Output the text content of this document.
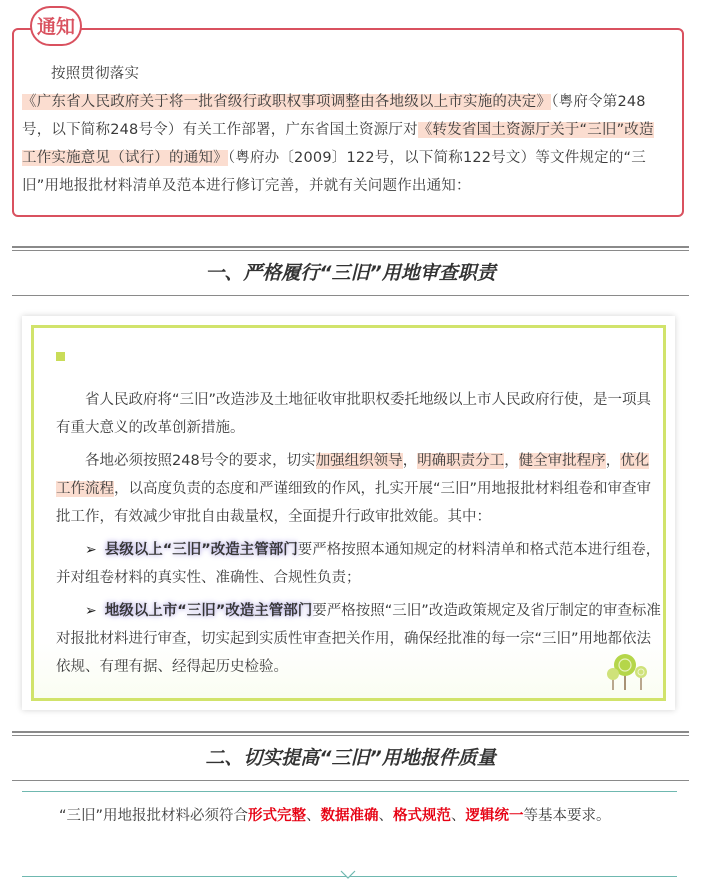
通知
按照贯彻落实《广东省人民政府关于将一批省级行政职权事项调整由各地级以上市实施的决定》（粤府令第248号，以下简称248号令）有关工作部署，广东省国土资源厅对《转发省国土资源厅关于“三旧”改造工作实施意见（试行）的通知》（粤府办〔2009〕122号，以下简称122号文）等文件规定的“三旧”用地报批材料清单及范本进行修订完善，并就有关问题作出通知：
一、严格履行“三旧”用地审查职责

省人民政府将“三旧”改造涉及土地征收审批职权委托地级以上市人民政府行使，是一项具有重大意义的改革创新措施。

各地必须按照248号令的要求，切实加强组织领导，明确职责分工，健全审批程序，优化工作流程，以高度负责的态度和严谨细致的作风，扎实开展“三旧”用地报批材料组卷和审查审批工作，有效减少审批自由裁量权，全面提升行政审批效能。其中：

➢ 县级以上“三旧”改造主管部门要严格按照本通知规定的材料清单和格式范本进行组卷，并对组卷材料的真实性、准确性、合规性负责；

➢ 地级以上市“三旧”改造主管部门要严格按照“三旧”改造政策规定及省厅制定的审查标准对报批材料进行审查，切实起到实质性审查把关作用，确保经批准的每一宗“三旧”用地都依法依规、有理有据、经得起历史检验。

二、切实提高“三旧”用地报件质量
“三旧”用地报批材料必须符合形式完整、数据准确、格式规范、逻辑统一等基本要求。
